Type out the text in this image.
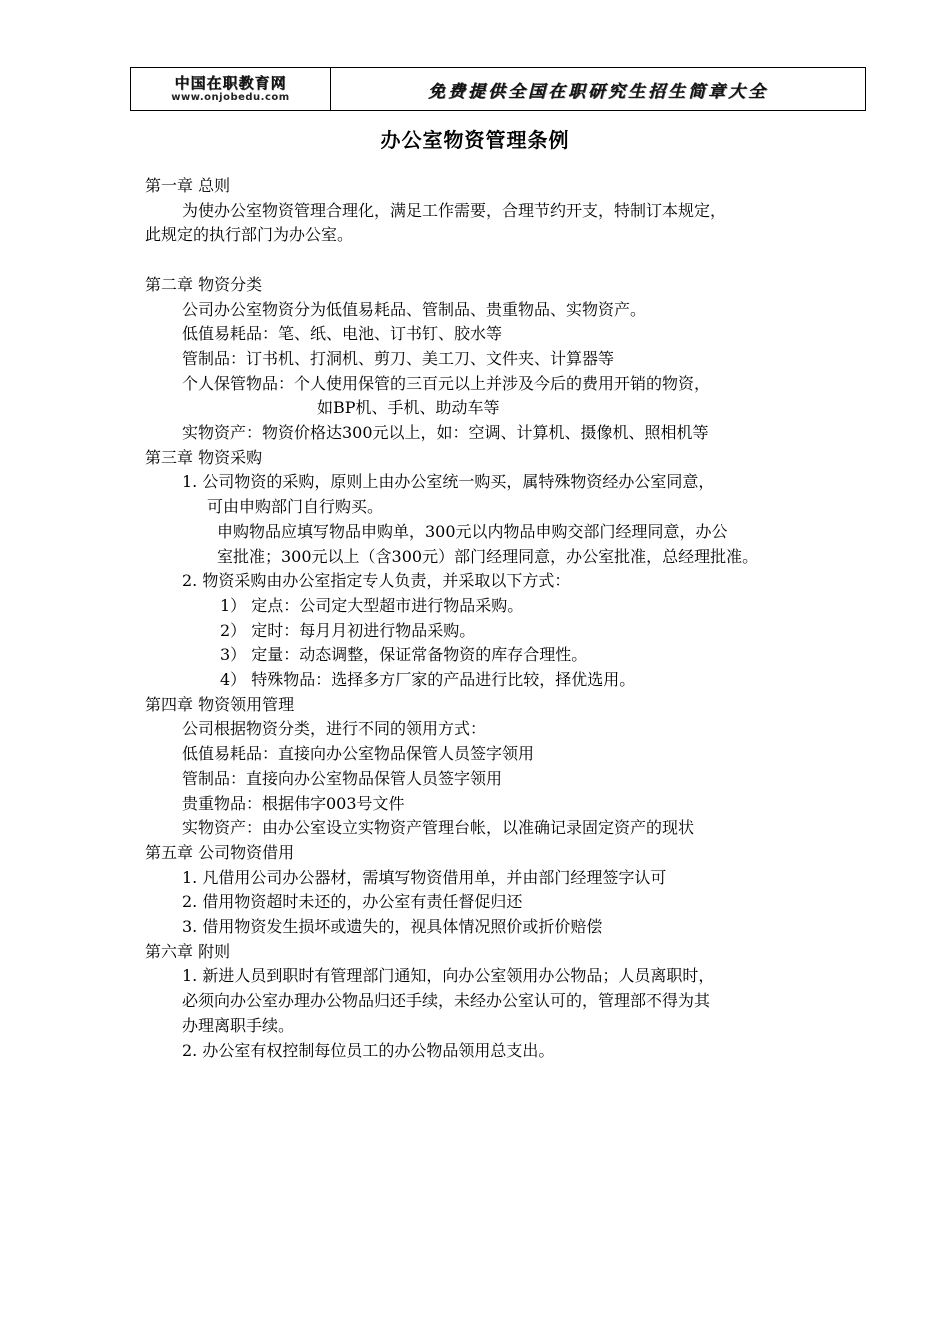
中国在职教育网
www.onjobedu.com	免费提供全国在职研究生招生简章大全
办公室物资管理条例
第一章 总则
为使办公室物资管理合理化，满足工作需要，合理节约开支，特制订本规定，
此规定的执行部门为办公室。
第二章 物资分类
公司办公室物资分为低值易耗品、管制品、贵重物品、实物资产。
低值易耗品：笔、纸、电池、订书钉、胶水等
管制品：订书机、打洞机、剪刀、美工刀、文件夹、计算器等
个人保管物品：个人使用保管的三百元以上并涉及今后的费用开销的物资，
如BP机、手机、助动车等
实物资产：物资价格达300元以上，如：空调、计算机、摄像机、照相机等
第三章 物资采购
1. 公司物资的采购，原则上由办公室统一购买，属特殊物资经办公室同意，
可由申购部门自行购买。
申购物品应填写物品申购单，300元以内物品申购交部门经理同意，办公
室批准；300元以上（含300元）部门经理同意，办公室批准，总经理批准。
2. 物资采购由办公室指定专人负责，并采取以下方式：
1） 定点：公司定大型超市进行物品采购。
2） 定时：每月月初进行物品采购。
3） 定量：动态调整，保证常备物资的库存合理性。
4） 特殊物品：选择多方厂家的产品进行比较，择优选用。
第四章 物资领用管理
公司根据物资分类，进行不同的领用方式：
低值易耗品：直接向办公室物品保管人员签字领用
管制品：直接向办公室物品保管人员签字领用
贵重物品：根据伟字003号文件
实物资产：由办公室设立实物资产管理台帐，以准确记录固定资产的现状
第五章 公司物资借用
1. 凡借用公司办公器材，需填写物资借用单，并由部门经理签字认可
2. 借用物资超时未还的，办公室有责任督促归还
3. 借用物资发生损坏或遗失的，视具体情况照价或折价赔偿
第六章 附则
1. 新进人员到职时有管理部门通知，向办公室领用办公物品；人员离职时，
必须向办公室办理办公物品归还手续，未经办公室认可的，管理部不得为其
办理离职手续。
2. 办公室有权控制每位员工的办公物品领用总支出。
